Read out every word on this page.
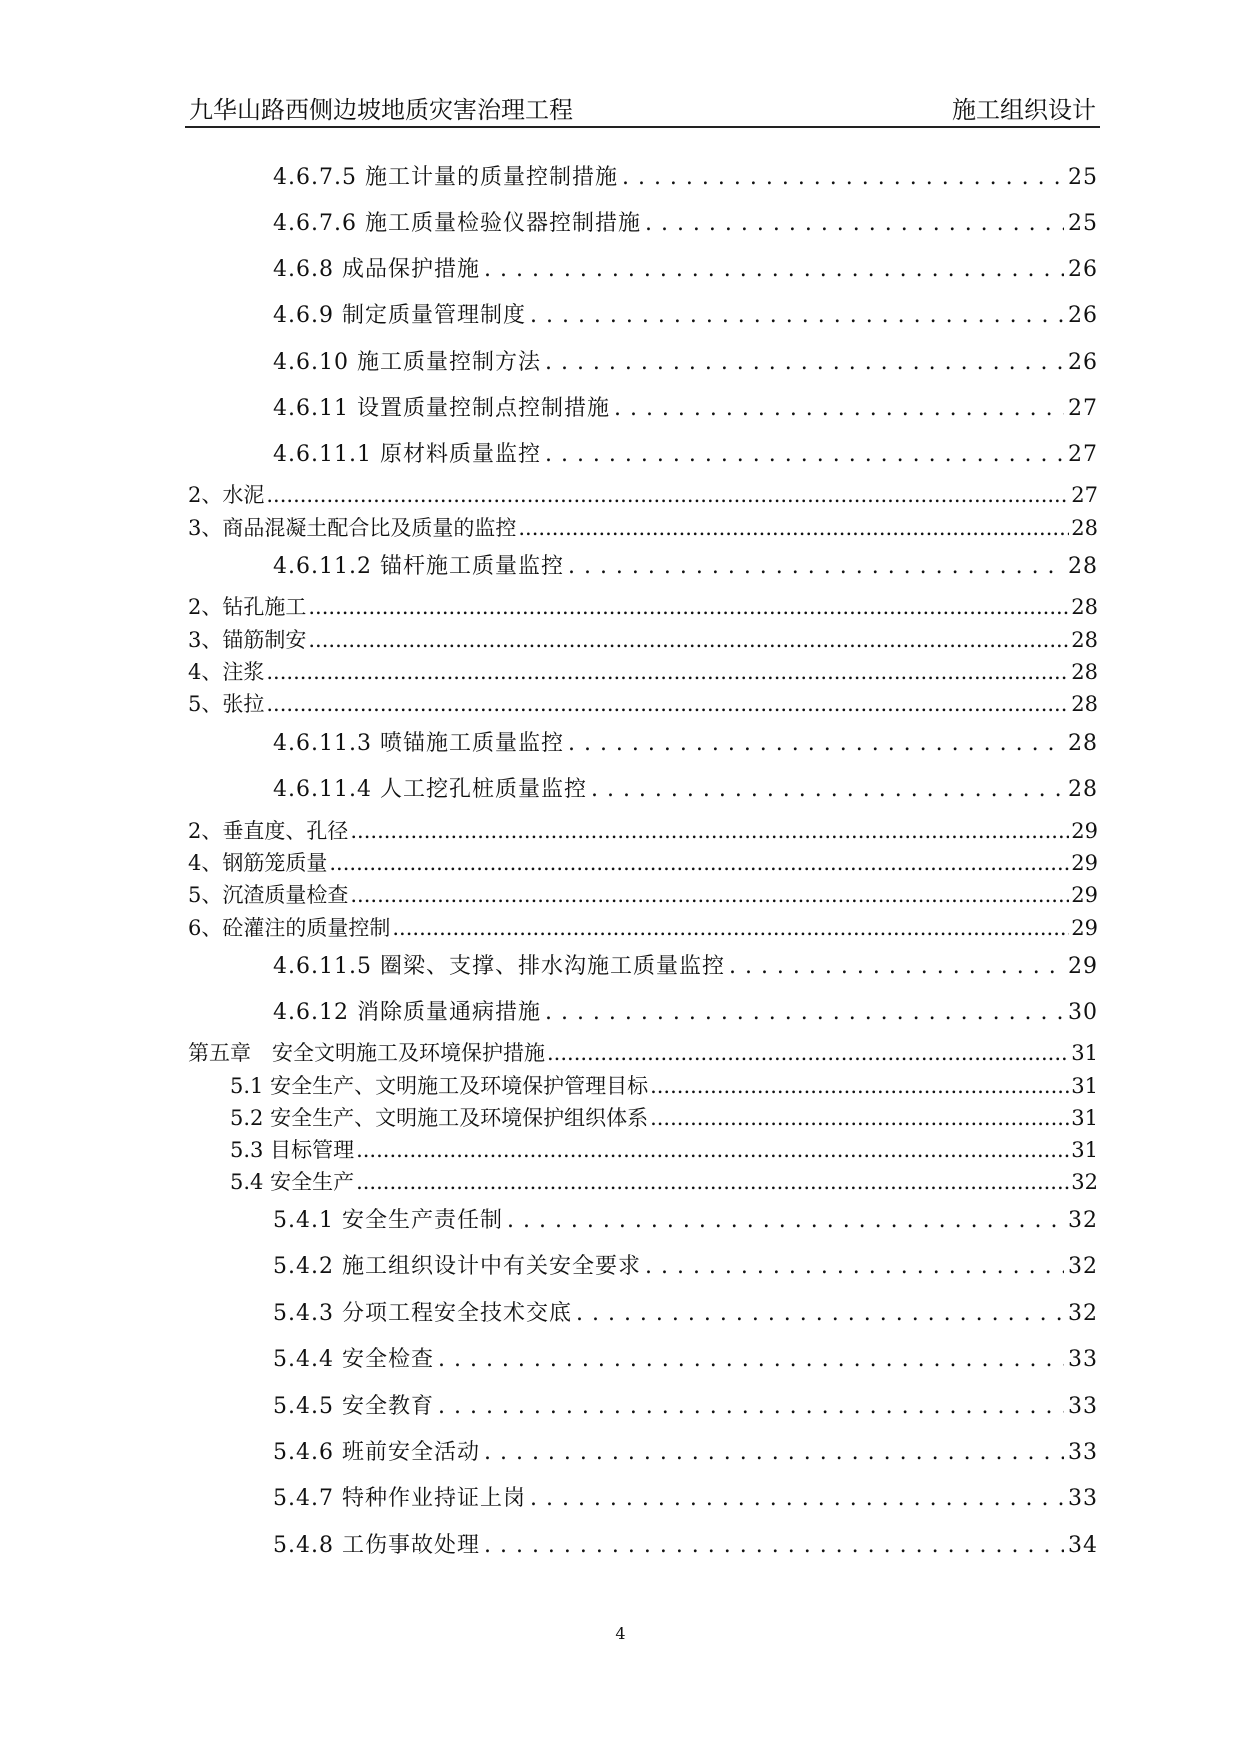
九华山路西侧边坡地质灾害治理工程	施工组织设计
4.6.7.5 施工计量的质量控制措施 . . .	25
4.6.7.6 施工质量检验仪器控制措施 . . .	25
4.6.8 成品保护措施 . . .	26
4.6.9 制定质量管理制度 . . .	26
4.6.10 施工质量控制方法 . . .	26
4.6.11 设置质量控制点控制措施 . . .	27
4.6.11.1 原材料质量监控 . . .	27
2、水泥 .....	27
3、商品混凝土配合比及质量的监控 .....	28
4.6.11.2 锚杆施工质量监控 . . .	28
2、钻孔施工 .....	28
3、锚筋制安 .....	28
4、注浆 .....	28
5、张拉 .....	28
4.6.11.3 喷锚施工质量监控 . . .	28
4.6.11.4 人工挖孔桩质量监控 . . .	28
2、垂直度、孔径 .....	29
4、钢筋笼质量 .....	29
5、沉渣质量检查 .....	29
6、砼灌注的质量控制 .....	29
4.6.11.5 圈梁、支撑、排水沟施工质量监控 . . .	29
4.6.12 消除质量通病措施 . . .	30
第五章　安全文明施工及环境保护措施 .....	31
5.1 安全生产、文明施工及环境保护管理目标 .....	31
5.2 安全生产、文明施工及环境保护组织体系 .....	31
5.3 目标管理 .....	31
5.4 安全生产 .....	32
5.4.1 安全生产责任制 . . .	32
5.4.2 施工组织设计中有关安全要求 . . .	32
5.4.3 分项工程安全技术交底 . . .	32
5.4.4 安全检查 . . .	33
5.4.5 安全教育 . . .	33
5.4.6 班前安全活动 . . .	33
5.4.7 特种作业持证上岗 . . .	33
5.4.8 工伤事故处理 . . .	34
4
